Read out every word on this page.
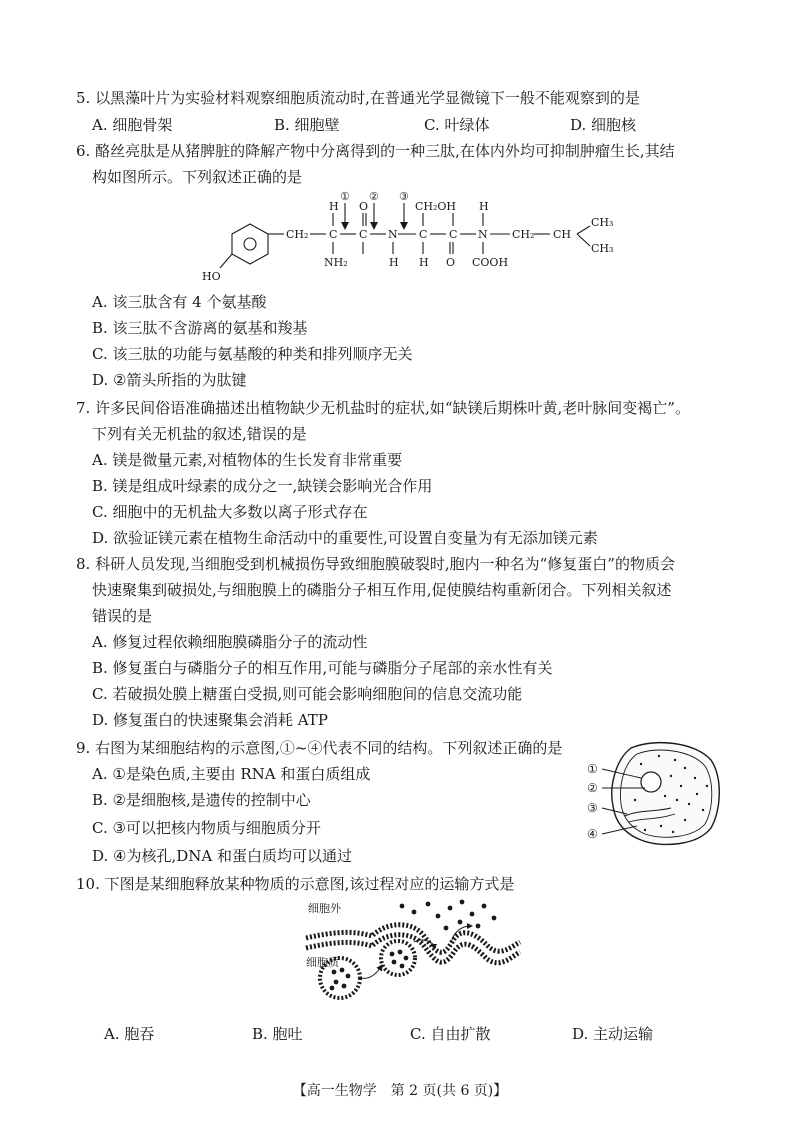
5. 以黑藻叶片为实验材料观察细胞质流动时,在普通光学显微镜下一般不能观察到的是
A. 细胞骨架	B. 细胞壁	C. 叶绿体	D. 细胞核
6. 酪丝亮肽是从猪脾脏的降解产物中分离得到的一种三肽,在体内外均可抑制肿瘤生长,其结
构如图所示。下列叙述正确的是
① ② ③
H O	CH₂OH H
CH₂ C C N C C N CH₂ CH
CH₃
CH₃
NH₂	H H O COOH
HO
A. 该三肽含有 4 个氨基酸
B. 该三肽不含游离的氨基和羧基
C. 该三肽的功能与氨基酸的种类和排列顺序无关
D. ②箭头所指的为肽键
7. 许多民间俗语准确描述出植物缺少无机盐时的症状,如“缺镁后期株叶黄,老叶脉间变褐亡”。
下列有关无机盐的叙述,错误的是
A. 镁是微量元素,对植物体的生长发育非常重要
B. 镁是组成叶绿素的成分之一,缺镁会影响光合作用
C. 细胞中的无机盐大多数以离子形式存在
D. 欲验证镁元素在植物生命活动中的重要性,可设置自变量为有无添加镁元素
8. 科研人员发现,当细胞受到机械损伤导致细胞膜破裂时,胞内一种名为“修复蛋白”的物质会
快速聚集到破损处,与细胞膜上的磷脂分子相互作用,促使膜结构重新闭合。下列相关叙述
错误的是
A. 修复过程依赖细胞膜磷脂分子的流动性
B. 修复蛋白与磷脂分子的相互作用,可能与磷脂分子尾部的亲水性有关
C. 若破损处膜上糖蛋白受损,则可能会影响细胞间的信息交流功能
D. 修复蛋白的快速聚集会消耗 ATP
9. 右图为某细胞结构的示意图,①~④代表不同的结构。下列叙述正确的是
A. ①是染色质,主要由 RNA 和蛋白质组成
B. ②是细胞核,是遗传的控制中心
C. ③可以把核内物质与细胞质分开
D. ④为核孔,DNA 和蛋白质均可以通过
①
②
③
④
10. 下图是某细胞释放某种物质的示意图,该过程对应的运输方式是
细胞外
细胞质
A. 胞吞	B. 胞吐	C. 自由扩散	D. 主动运输
【高一生物学　第 2 页(共 6 页)】
